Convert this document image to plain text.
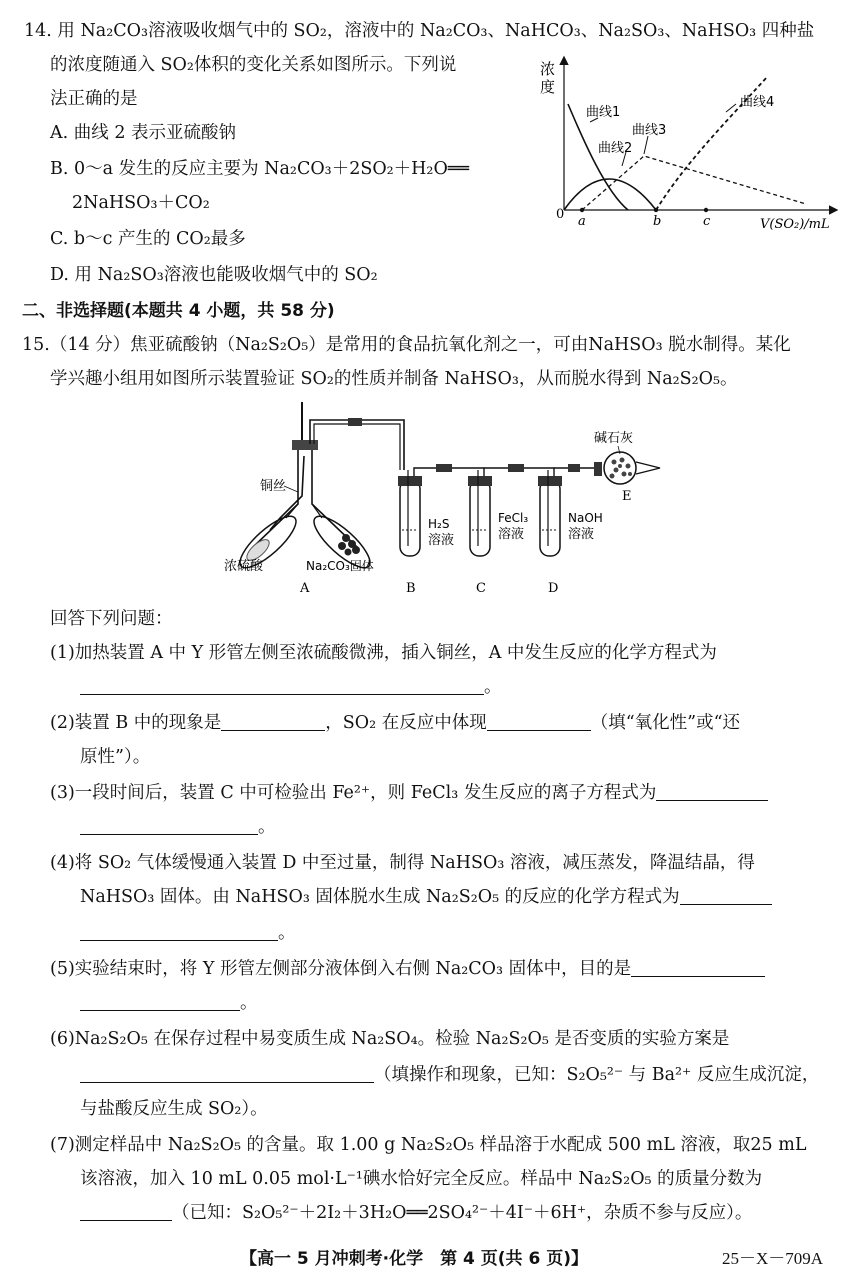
14. 用 Na₂CO₃溶液吸收烟气中的 SO₂，溶液中的 Na₂CO₃、NaHCO₃、Na₂SO₃、NaHSO₃ 四种盐
的浓度随通入 SO₂体积的变化关系如图所示。下列说
法正确的是
A. 曲线 2 表示亚硫酸钠
B. 0～a 发生的反应主要为 Na₂CO₃＋2SO₂＋H₂O══
2NaHSO₃＋CO₂
C. b～c 产生的 CO₂最多
D. 用 Na₂SO₃溶液也能吸收烟气中的 SO₂
浓
度
V(SO₂)/mL
0 a	b	c
曲线1
曲线2
曲线3
曲线4
二、非选择题(本题共 4 小题，共 58 分)
15.（14 分）焦亚硫酸钠（Na₂S₂O₅）是常用的食品抗氧化剂之一，可由NaHSO₃ 脱水制得。某化
学兴趣小组用如图所示装置验证 SO₂的性质并制备 NaHSO₃，从而脱水得到 Na₂S₂O₅。
铜丝
浓硫酸	Na₂CO₃固体
H₂S
溶液
FeCl₃
溶液
NaOH
溶液
碱石灰
A	B	C	D
E
回答下列问题：
(1)加热装置 A 中 Y 形管左侧至浓硫酸微沸，插入铜丝，A 中发生反应的化学方程式为
。
(2)装置 B 中的现象是	，SO₂ 在反应中体现	（填“氧化性”或“还
原性”）。
(3)一段时间后，装置 C 中可检验出 Fe²⁺，则 FeCl₃ 发生反应的离子方程式为
。
(4)将 SO₂ 气体缓慢通入装置 D 中至过量，制得 NaHSO₃ 溶液，减压蒸发，降温结晶，得
NaHSO₃ 固体。由 NaHSO₃ 固体脱水生成 Na₂S₂O₅ 的反应的化学方程式为
。
(5)实验结束时，将 Y 形管左侧部分液体倒入右侧 Na₂CO₃ 固体中，目的是
。
(6)Na₂S₂O₅ 在保存过程中易变质生成 Na₂SO₄。检验 Na₂S₂O₅ 是否变质的实验方案是
（填操作和现象，已知：S₂O₅²⁻ 与 Ba²⁺ 反应生成沉淀，
与盐酸反应生成 SO₂）。
(7)测定样品中 Na₂S₂O₅ 的含量。取 1.00 g Na₂S₂O₅ 样品溶于水配成 500 mL 溶液，取25 mL
该溶液，加入 10 mL 0.05 mol·L⁻¹碘水恰好完全反应。样品中 Na₂S₂O₅ 的质量分数为
（已知：S₂O₅²⁻＋2I₂＋3H₂O══2SO₄²⁻＋4I⁻＋6H⁺，杂质不参与反应）。
【高一 5 月冲刺考·化学　第 4 页(共 6 页)】	25－X－709A
